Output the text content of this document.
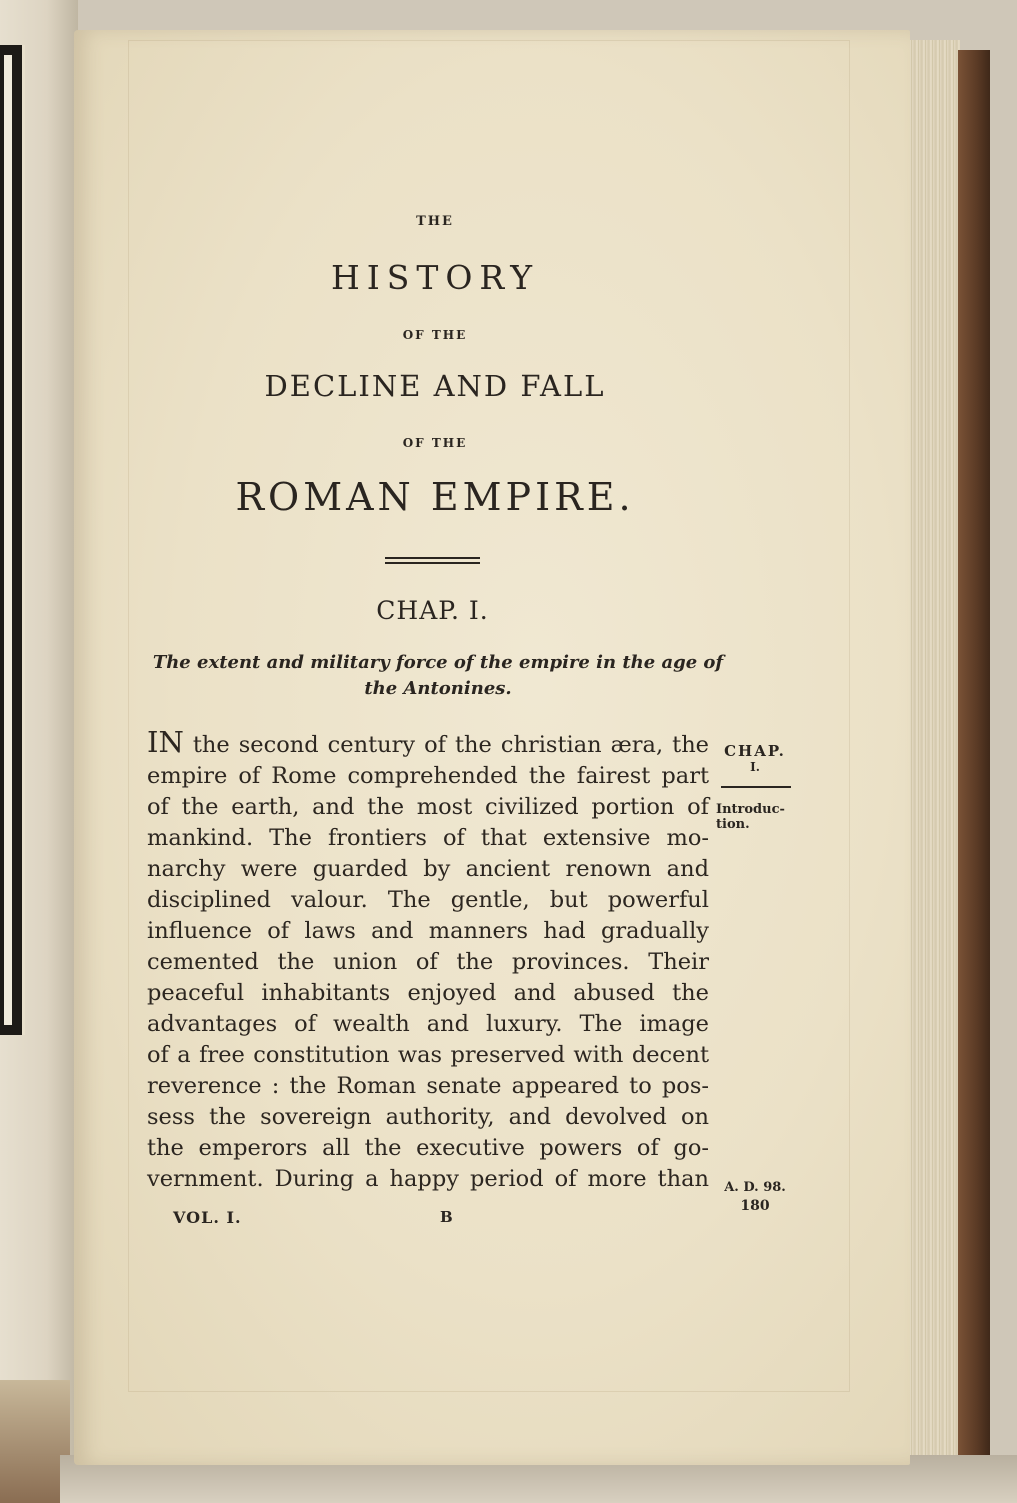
THE
HISTORY
OF THE
DECLINE AND FALL
OF THE
ROMAN EMPIRE.
CHAP. I.
The extent and military force of the empire in the age of
the Antonines.
IN the second century of the christian æra, the
empire of Rome comprehended the fairest part
of the earth, and the most civilized portion of
mankind. The frontiers of that extensive mo-
narchy were guarded by ancient renown and
disciplined valour. The gentle, but powerful
influence of laws and manners had gradually
cemented the union of the provinces. Their
peaceful inhabitants enjoyed and abused the
advantages of wealth and luxury. The image
of a free constitution was preserved with decent
reverence : the Roman senate appeared to pos-
sess the sovereign authority, and devolved on
the emperors all the executive powers of go-
vernment. During a happy period of more than
CHAP.
I.
Introduc-
tion.
A. D. 98.
180
VOL. I.	B
